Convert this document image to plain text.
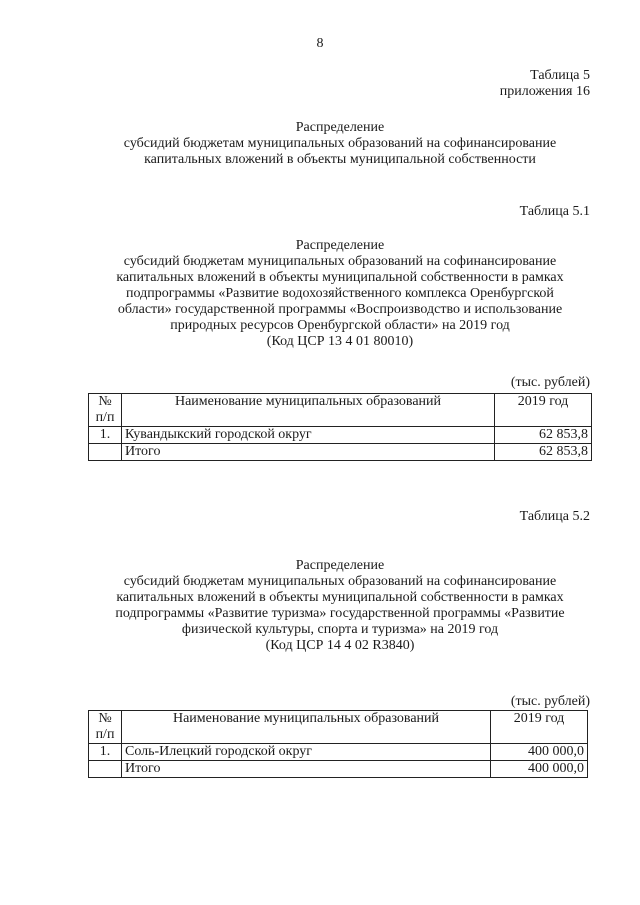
8
Таблица 5
приложения 16
Распределение
субсидий бюджетам муниципальных образований на софинансирование
капитальных вложений в объекты муниципальной собственности
Таблица 5.1
Распределение
субсидий бюджетам муниципальных образований на софинансирование
капитальных вложений в объекты муниципальной собственности в рамках
подпрограммы «Развитие водохозяйственного комплекса Оренбургской
области» государственной программы «Воспроизводство и использование
природных ресурсов Оренбургской области» на 2019 год
(Код ЦСР 13 4 01 80010)
(тыс. рублей)
№
п/п	Наименование муниципальных образований	2019 год
1.	Кувандыкский городской округ	62 853,8
	Итого	62 853,8
Таблица 5.2
Распределение
субсидий бюджетам муниципальных образований на софинансирование
капитальных вложений в объекты муниципальной собственности в рамках
подпрограммы «Развитие туризма» государственной программы «Развитие
физической культуры, спорта и туризма» на 2019 год
(Код ЦСР 14 4 02 R3840)
(тыс. рублей)
№
п/п	Наименование муниципальных образований	2019 год
1.	Соль-Илецкий городской округ	400 000,0
	Итого	400 000,0
